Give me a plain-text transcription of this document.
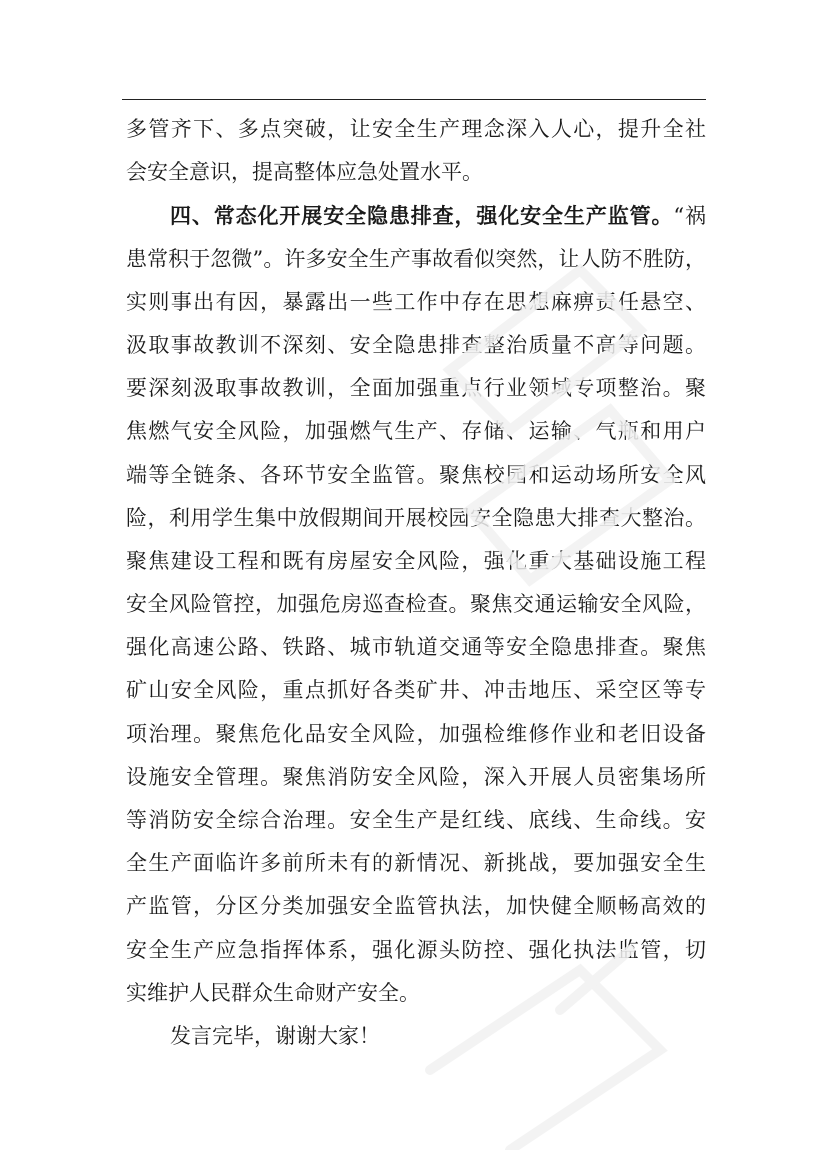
多管齐下、多点突破，让安全生产理念深入人心，提升全社
会安全意识，提高整体应急处置水平。
四、常态化开展安全隐患排查，强化安全生产监管。“祸
患常积于忽微”。许多安全生产事故看似突然，让人防不胜防，
实则事出有因，暴露出一些工作中存在思想麻痹责任悬空、
汲取事故教训不深刻、安全隐患排查整治质量不高等问题。
要深刻汲取事故教训，全面加强重点行业领域专项整治。聚
焦燃气安全风险，加强燃气生产、存储、运输、气瓶和用户
端等全链条、各环节安全监管。聚焦校园和运动场所安全风
险，利用学生集中放假期间开展校园安全隐患大排查大整治。
聚焦建设工程和既有房屋安全风险，强化重大基础设施工程
安全风险管控，加强危房巡查检查。聚焦交通运输安全风险，
强化高速公路、铁路、城市轨道交通等安全隐患排查。聚焦
矿山安全风险，重点抓好各类矿井、冲击地压、采空区等专
项治理。聚焦危化品安全风险，加强检维修作业和老旧设备
设施安全管理。聚焦消防安全风险，深入开展人员密集场所
等消防安全综合治理。安全生产是红线、底线、生命线。安
全生产面临许多前所未有的新情况、新挑战，要加强安全生
产监管，分区分类加强安全监管执法，加快健全顺畅高效的
安全生产应急指挥体系，强化源头防控、强化执法监管，切
实维护人民群众生命财产安全。
发言完毕，谢谢大家！
